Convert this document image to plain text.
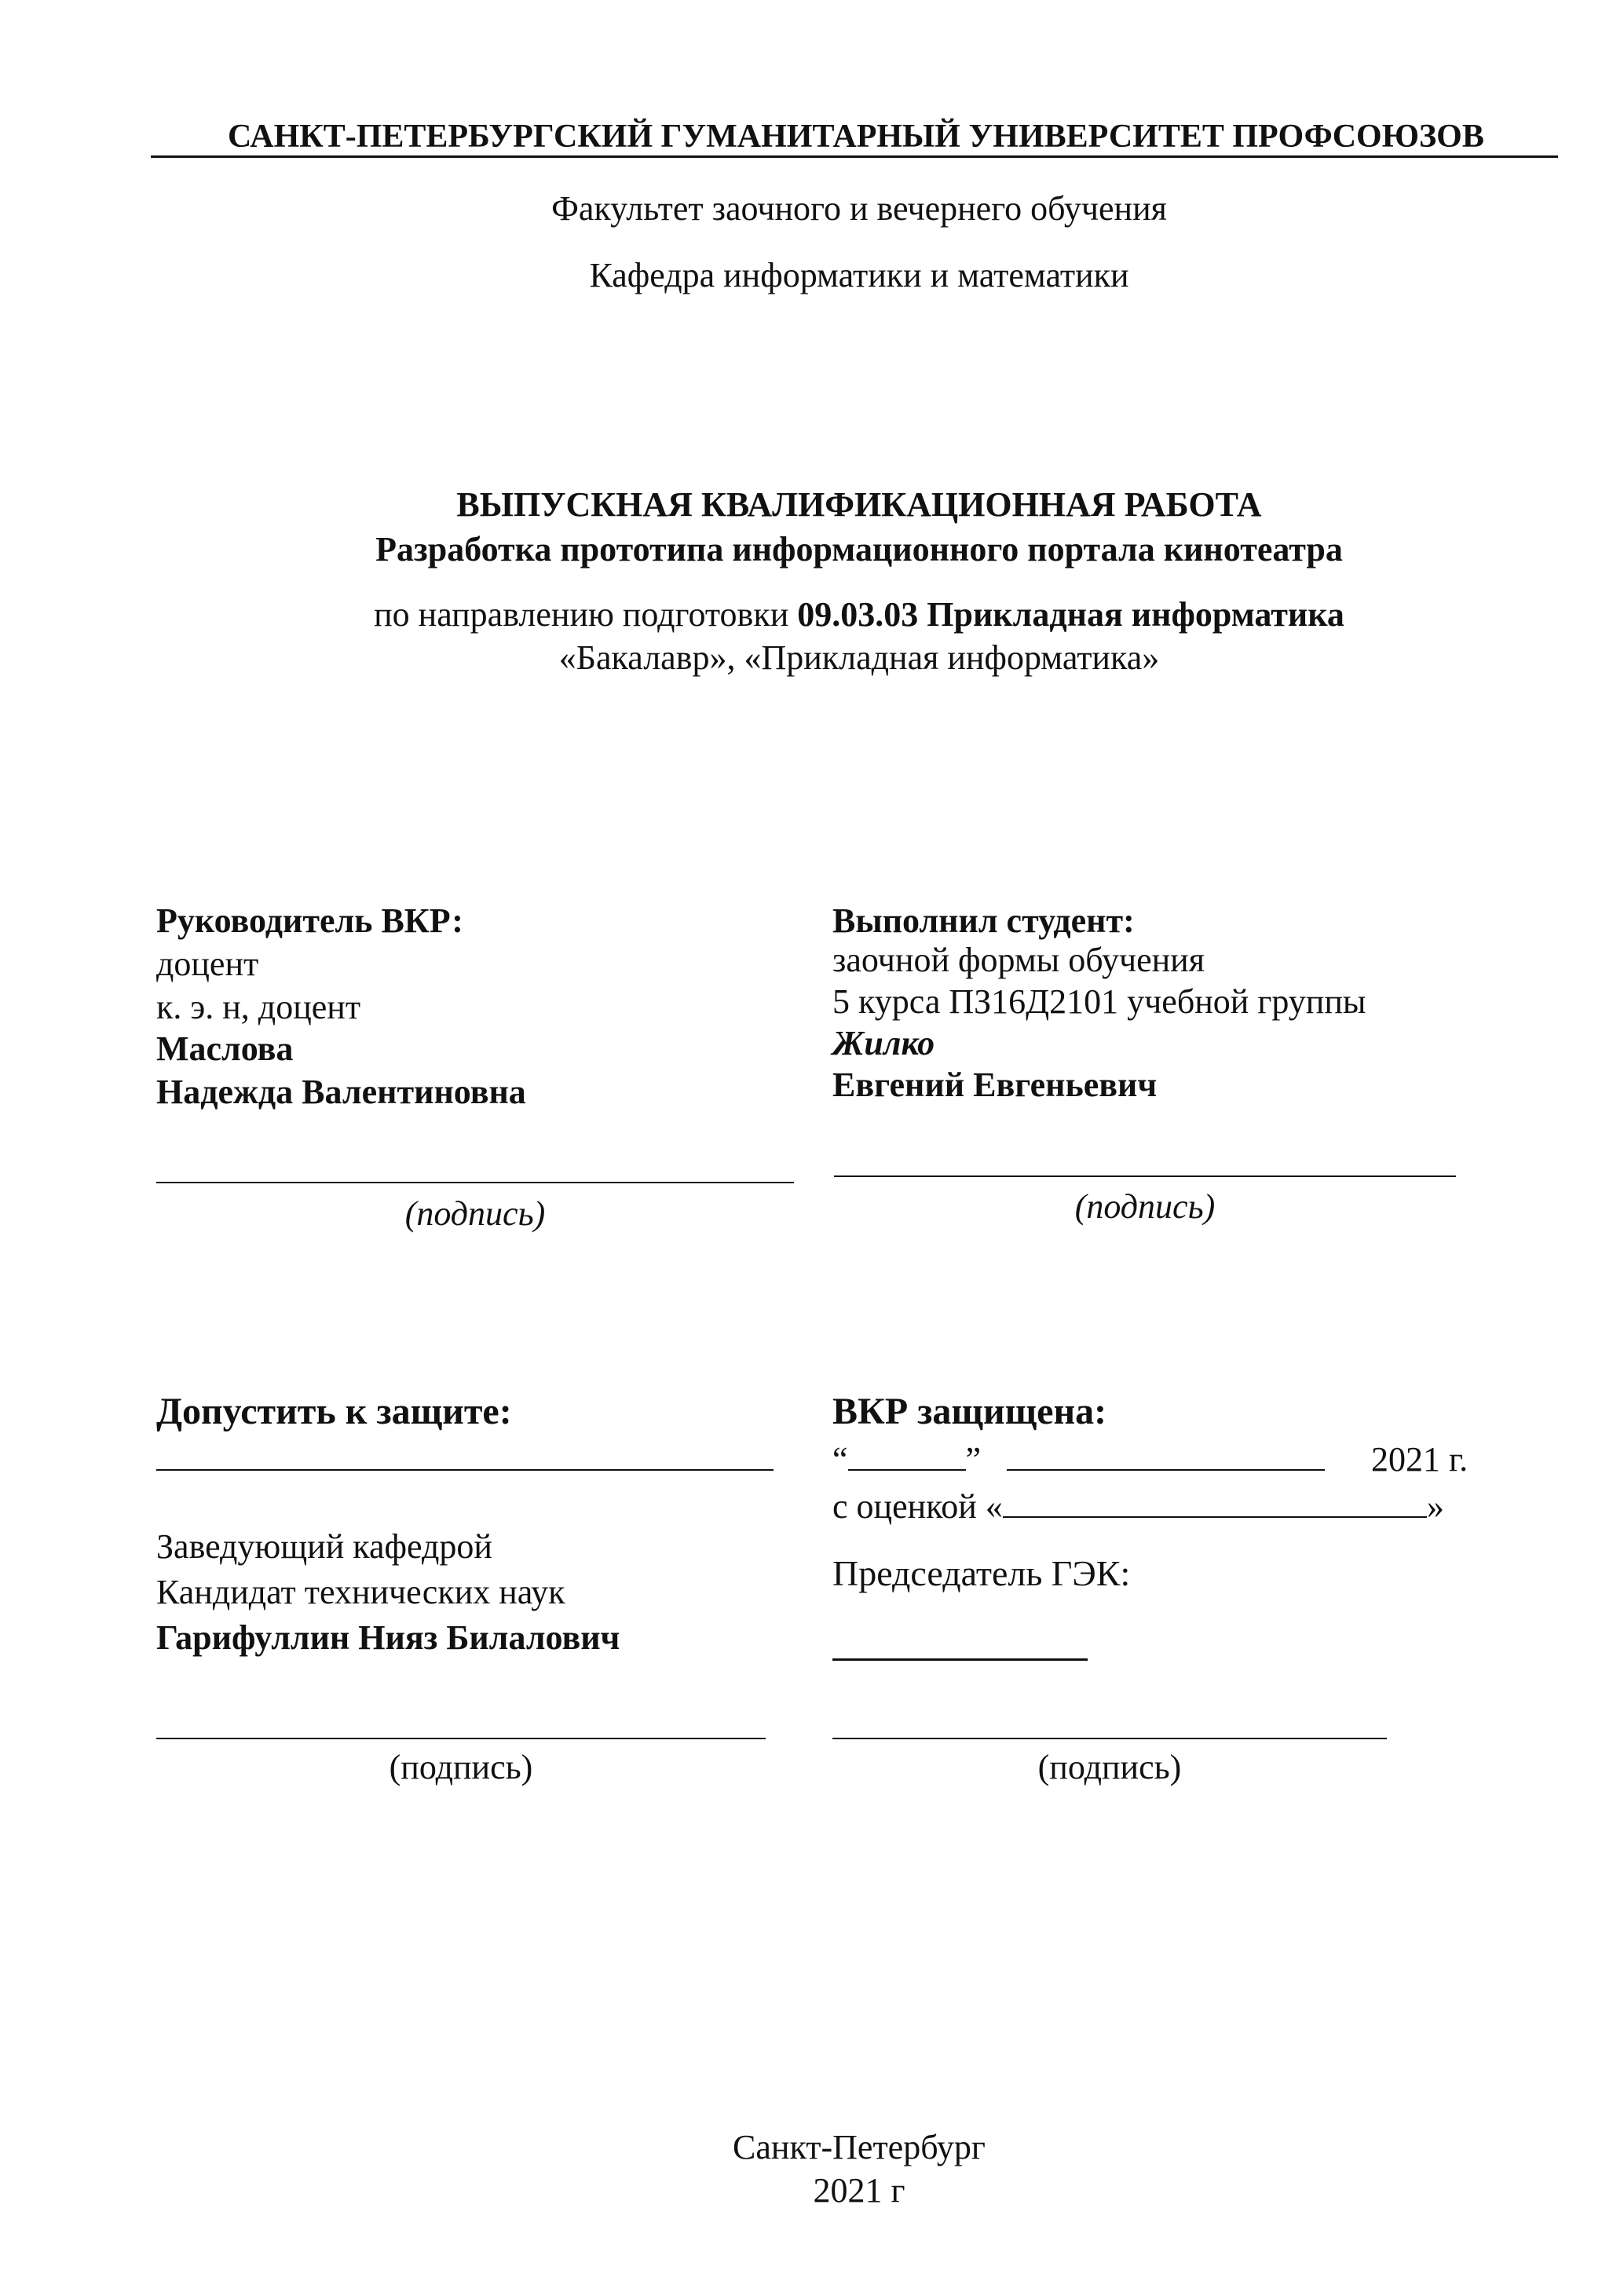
САНКТ-ПЕТЕРБУРГСКИЙ ГУМАНИТАРНЫЙ УНИВЕРСИТЕТ ПРОФСОЮЗОВ
Факультет заочного и вечернего обучения
Кафедра информатики и математики
ВЫПУСКНАЯ КВАЛИФИКАЦИОННАЯ РАБОТА
Разработка прототипа информационного портала кинотеатра
по направлению подготовки 09.03.03 Прикладная информатика
«Бакалавр», «Прикладная информатика»
Руководитель ВКР:
доцент
к. э. н, доцент
Маслова
Надежда Валентиновна
(подпись)
Выполнил студент:
заочной формы обучения
5 курса ПЗ16Д2101 учебной группы
Жилко
Евгений Евгеньевич
(подпись)
Допустить к защите:
Заведующий кафедрой
Кандидат технических наук
Гарифуллин Нияз Билалович
(подпись)
ВКР защищена:
“	”	2021 г.
с оценкой «	»
Председатель ГЭК:
(подпись)
Санкт-Петербург
2021 г
